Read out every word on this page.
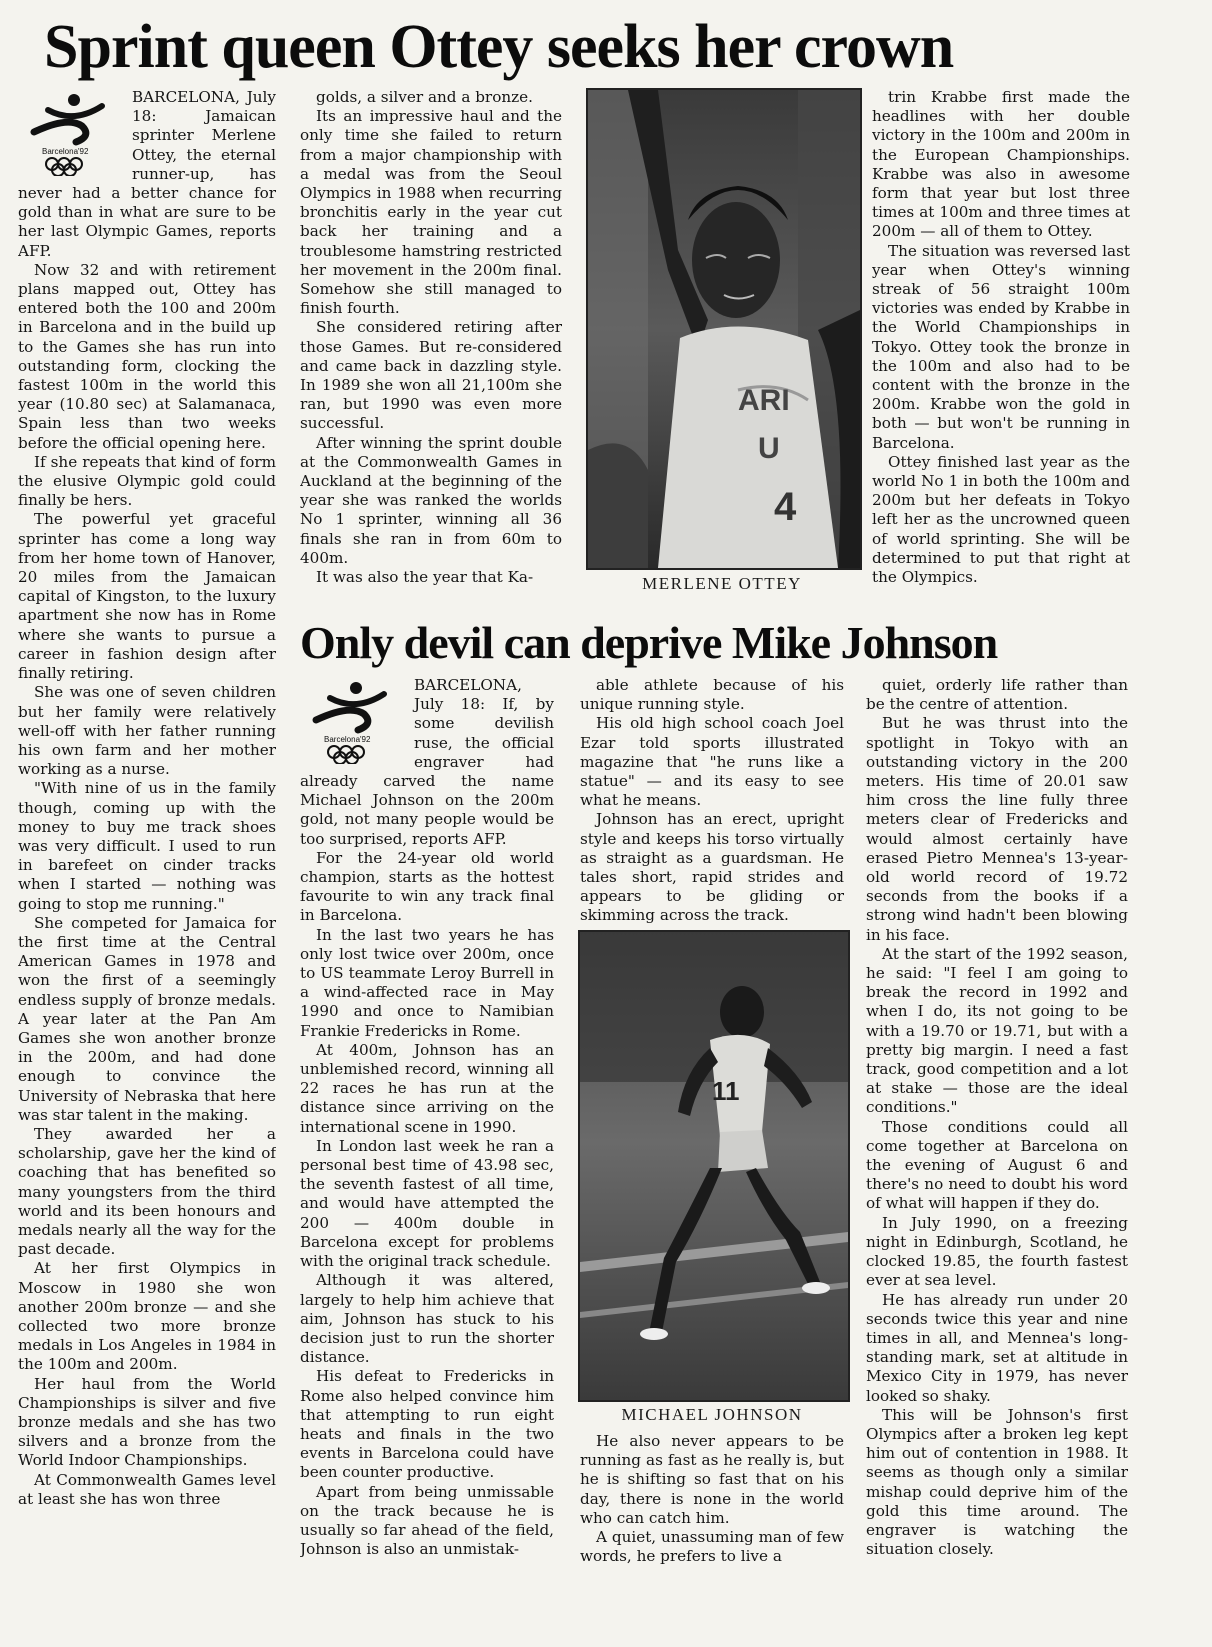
Sprint queen Ottey seeks her crown
Barcelona'92

BARCELONA, July 18: Jamaican sprinter Merlene Ottey, the eternal runner-up, has never had a better chance for gold than in what are sure to be her last Olympic Games, reports AFP.

Now 32 and with retirement plans mapped out, Ottey has entered both the 100 and 200m in Barcelona and in the build up to the Games she has run into outstanding form, clocking the fastest 100m in the world this year (10.80 sec) at Salamanaca, Spain less than two weeks before the official opening here.

If she repeats that kind of form the elusive Olympic gold could finally be hers.

The powerful yet graceful sprinter has come a long way from her home town of Hanover, 20 miles from the Jamaican capital of Kingston, to the luxury apartment she now has in Rome where she wants to pursue a career in fashion design after finally retiring.

She was one of seven children but her family were relatively well-off with her father running his own farm and her mother working as a nurse.

"With nine of us in the family though, coming up with the money to buy me track shoes was very difficult. I used to run in barefeet on cinder tracks when I started — nothing was going to stop me running."

She competed for Jamaica for the first time at the Central American Games in 1978 and won the first of a seemingly endless supply of bronze medals. A year later at the Pan Am Games she won another bronze in the 200m, and had done enough to convince the University of Nebraska that here was star talent in the making.

They awarded her a scholarship, gave her the kind of coaching that has benefited so many youngsters from the third world and its been honours and medals nearly all the way for the past decade.

At her first Olympics in Moscow in 1980 she won another 200m bronze — and she collected two more bronze medals in Los Angeles in 1984 in the 100m and 200m.

Her haul from the World Championships is silver and five bronze medals and she has two silvers and a bronze from the World Indoor Championships.

At Commonwealth Games level at least she has won three

golds, a silver and a bronze.

Its an impressive haul and the only time she failed to return from a major championship with a medal was from the Seoul Olympics in 1988 when recurring bronchitis early in the year cut back her training and a troublesome hamstring restricted her movement in the 200m final. Somehow she still managed to finish fourth.

She considered retiring after those Games. But re-considered and came back in dazzling style. In 1989 she won all 21,100m she ran, but 1990 was even more successful.

After winning the sprint double at the Commonwealth Games in Auckland at the beginning of the year she was ranked the worlds No 1 sprinter, winning all 36 finals she ran in from 60m to 400m.

It was also the year that Ka-

ARI
U
4
MERLENE OTTEY

trin Krabbe first made the headlines with her double victory in the 100m and 200m in the European Championships. Krabbe was also in awesome form that year but lost three times at 100m and three times at 200m — all of them to Ottey.

The situation was reversed last year when Ottey's winning streak of 56 straight 100m victories was ended by Krabbe in the World Championships in Tokyo. Ottey took the bronze in the 100m and also had to be content with the bronze in the 200m. Krabbe won the gold in both — but won't be running in Barcelona.

Ottey finished last year as the world No 1 in both the 100m and 200m but her defeats in Tokyo left her as the uncrowned queen of world sprinting. She will be determined to put that right at the Olympics.

Only devil can deprive Mike Johnson
Barcelona'92

BARCELONA, July 18: If, by some devilish ruse, the official engraver had already carved the name Michael Johnson on the 200m gold, not many people would be too surprised, reports AFP.

For the 24-year old world champion, starts as the hottest favourite to win any track final in Barcelona.

In the last two years he has only lost twice over 200m, once to US teammate Leroy Burrell in a wind-affected race in May 1990 and once to Namibian Frankie Fredericks in Rome.

At 400m, Johnson has an unblemished record, winning all 22 races he has run at the distance since arriving on the international scene in 1990.

In London last week he ran a personal best time of 43.98 sec, the seventh fastest of all time, and would have attempted the 200 — 400m double in Barcelona except for problems with the original track schedule.

Although it was altered, largely to help him achieve that aim, Johnson has stuck to his decision just to run the shorter distance.

His defeat to Fredericks in Rome also helped convince him that attempting to run eight heats and finals in the two events in Barcelona could have been counter productive.

Apart from being unmissable on the track because he is usually so far ahead of the field, Johnson is also an unmistak-

able athlete because of his unique running style.

His old high school coach Joel Ezar told sports illustrated magazine that "he runs like a statue" — and its easy to see what he means.

Johnson has an erect, upright style and keeps his torso virtually as straight as a guardsman. He tales short, rapid strides and appears to be gliding or skimming across the track.

11
MICHAEL JOHNSON

He also never appears to be running as fast as he really is, but he is shifting so fast that on his day, there is none in the world who can catch him.

A quiet, unassuming man of few words, he prefers to live a

quiet, orderly life rather than be the centre of attention.

But he was thrust into the spotlight in Tokyo with an outstanding victory in the 200 meters. His time of 20.01 saw him cross the line fully three meters clear of Fredericks and would almost certainly have erased Pietro Mennea's 13-year-old world record of 19.72 seconds from the books if a strong wind hadn't been blowing in his face.

At the start of the 1992 season, he said: "I feel I am going to break the record in 1992 and when I do, its not going to be with a 19.70 or 19.71, but with a pretty big margin. I need a fast track, good competition and a lot at stake — those are the ideal conditions."

Those conditions could all come together at Barcelona on the evening of August 6 and there's no need to doubt his word of what will happen if they do.

In July 1990, on a freezing night in Edinburgh, Scotland, he clocked 19.85, the fourth fastest ever at sea level.

He has already run under 20 seconds twice this year and nine times in all, and Mennea's long-standing mark, set at altitude in Mexico City in 1979, has never looked so shaky.

This will be Johnson's first Olympics after a broken leg kept him out of contention in 1988. It seems as though only a similar mishap could deprive him of the gold this time around. The engraver is watching the situation closely.
